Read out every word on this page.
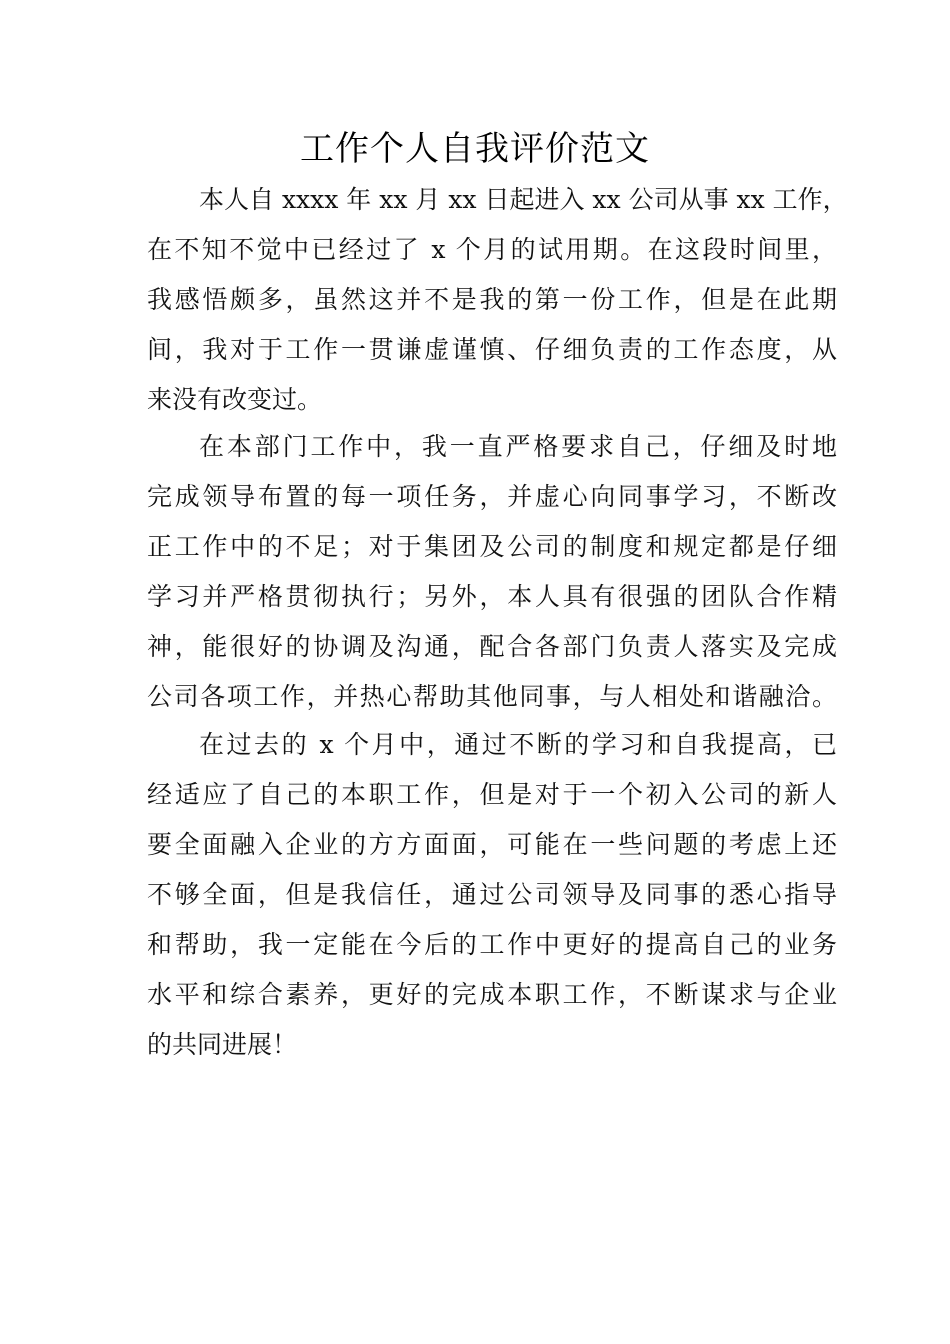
工作个人自我评价范文

本人自 xxxx 年 xx 月 xx 日起进入 xx 公司从事 xx 工作，

在不知不觉中已经过了 x 个月的试用期。在这段时间里，

我感悟颇多，虽然这并不是我的第一份工作，但是在此期

间，我对于工作一贯谦虚谨慎、仔细负责的工作态度，从

来没有改变过。

在本部门工作中，我一直严格要求自己，仔细及时地

完成领导布置的每一项任务，并虚心向同事学习，不断改

正工作中的不足；对于集团及公司的制度和规定都是仔细

学习并严格贯彻执行；另外，本人具有很强的团队合作精

神，能很好的协调及沟通，配合各部门负责人落实及完成

公司各项工作，并热心帮助其他同事，与人相处和谐融洽。

在过去的 x 个月中，通过不断的学习和自我提高，已

经适应了自己的本职工作，但是对于一个初入公司的新人

要全面融入企业的方方面面，可能在一些问题的考虑上还

不够全面，但是我信任，通过公司领导及同事的悉心指导

和帮助，我一定能在今后的工作中更好的提高自己的业务

水平和综合素养，更好的完成本职工作，不断谋求与企业

的共同进展！
